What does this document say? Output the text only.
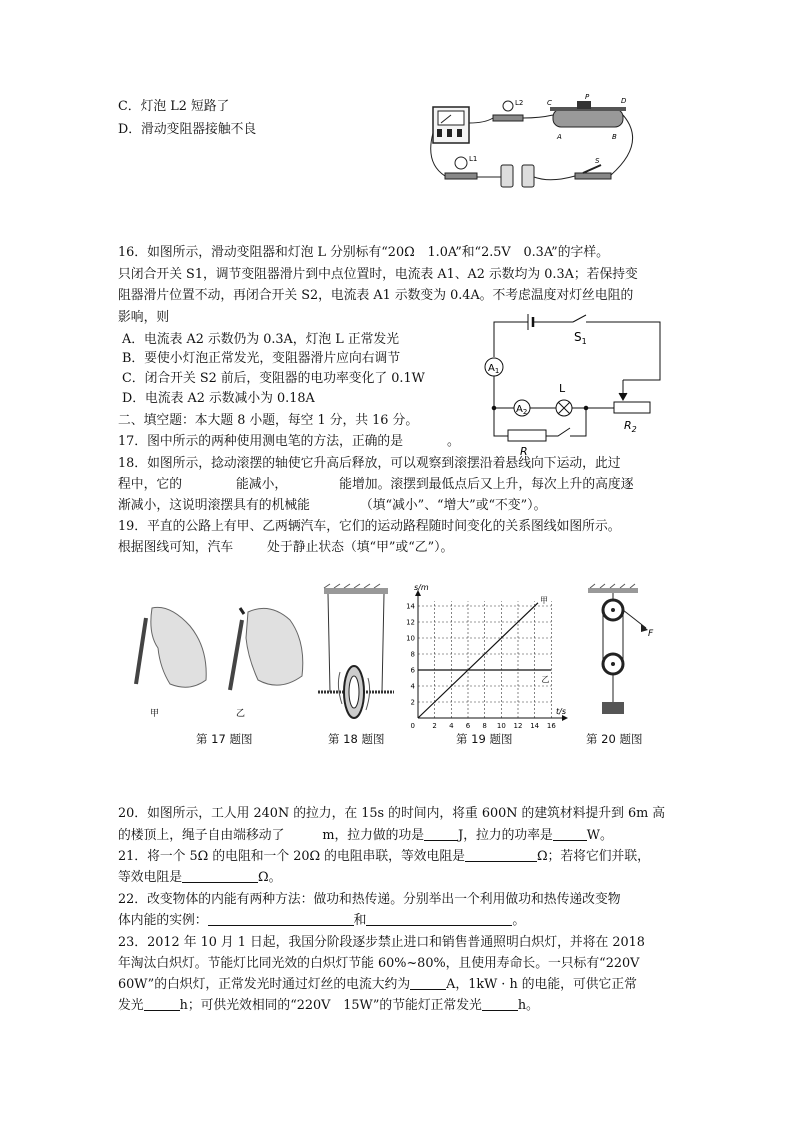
C．灯泡 L2 短路了
D．滑动变阻器接触不良
L2	C
P	D
A	B
S
L1
16．如图所示，滑动变阻器和灯泡 L 分别标有“20Ω　1.0A”和“2.5V　0.3A”的字样。
只闭合开关 S1，调节变阻器滑片到中点位置时，电流表 A1、A2 示数均为 0.3A；若保持变
阻器滑片位置不动，再闭合开关 S2，电流表 A1 示数变为 0.4A。不考虑温度对灯丝电阻的
影响，则
A．电流表 A2 示数仍为 0.3A，灯泡 L 正常发光
B．要使小灯泡正常发光，变阻器滑片应向右调节
C．闭合开关 S2 前后，变阻器的电功率变化了 0.1W
D．电流表 A2 示数减小为 0.18A
$S_1$
$A_1$
$A_2$
L
$R_2$
R
二、填空题：本大题 8 小题，每空 1 分，共 16 分。
17．图中所示的两种使用测电笔的方法，正确的是	。
18．如图所示，捻动滚摆的轴使它升高后释放，可以观察到滚摆沿着悬线向下运动，此过
程中，它的	能减小，	能增加。滚摆到最低点后又上升，每次上升的高度逐
渐减小，这说明滚摆具有的机械能	（填“减小”、“增大”或“不变”）。
19．平直的公路上有甲、乙两辆汽车，它们的运动路程随时间变化的关系图线如图所示。
根据图线可知，汽车	处于静止状态（填“甲”或“乙”）。
甲	乙
第 17 题图	第 18 题图
2 4 6 8 10 12 14 16
2
4
6
8
10
12
14
0
s/m
t/s
甲
乙
第 19 题图
F
第 20 题图
20．如图所示，工人用 240N 的拉力，在 15s 的时间内，将重 600N 的建筑材料提升到 6m 高
的楼顶上，绳子自由端移动了	m，拉力做的功是	J，拉力的功率是	W。
21．将一个 5Ω 的电阻和一个 20Ω 的电阻串联，等效电阻是	Ω；若将它们并联，
等效电阻是	Ω。
22．改变物体的内能有两种方法：做功和热传递。分别举出一个利用做功和热传递改变物
体内能的实例：	和	。
23．2012 年 10 月 1 日起，我国分阶段逐步禁止进口和销售普通照明白炽灯，并将在 2018
年淘汰白炽灯。节能灯比同光效的白炽灯节能 60%~80%，且使用寿命长。一只标有“220V
60W”的白炽灯，正常发光时通过灯丝的电流大约为	A，1kW · h 的电能，可供它正常
发光	h；可供光效相同的“220V　15W”的节能灯正常发光	h。
